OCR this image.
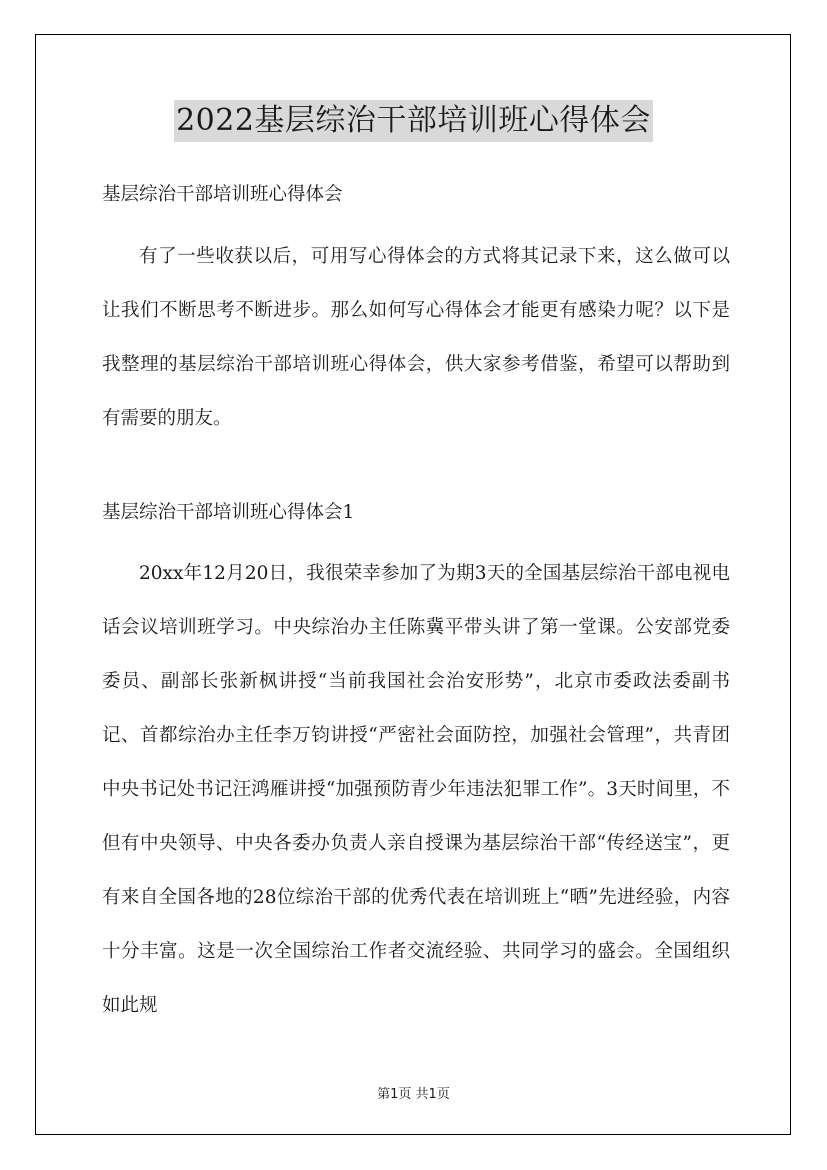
2022基层综治干部培训班心得体会

基层综治干部培训班心得体会

有了一些收获以后，可用写心得体会的方式将其记录下来，这么做可以让我们不断思考不断进步。那么如何写心得体会才能更有感染力呢？以下是我整理的基层综治干部培训班心得体会，供大家参考借鉴，希望可以帮助到有需要的朋友。

基层综治干部培训班心得体会1

20xx年12月20日，我很荣幸参加了为期3天的全国基层综治干部电视电话会议培训班学习。中央综治办主任陈冀平带头讲了第一堂课。公安部党委委员、副部长张新枫讲授“当前我国社会治安形势”，北京市委政法委副书记、首都综治办主任李万钧讲授“严密社会面防控，加强社会管理”，共青团中央书记处书记汪鸿雁讲授“加强预防青少年违法犯罪工作”。3天时间里，不但有中央领导、中央各委办负责人亲自授课为基层综治干部“传经送宝”，更有来自全国各地的28位综治干部的优秀代表在培训班上“晒”先进经验，内容十分丰富。这是一次全国综治工作者交流经验、共同学习的盛会。全国组织如此规

第1页 共1页
